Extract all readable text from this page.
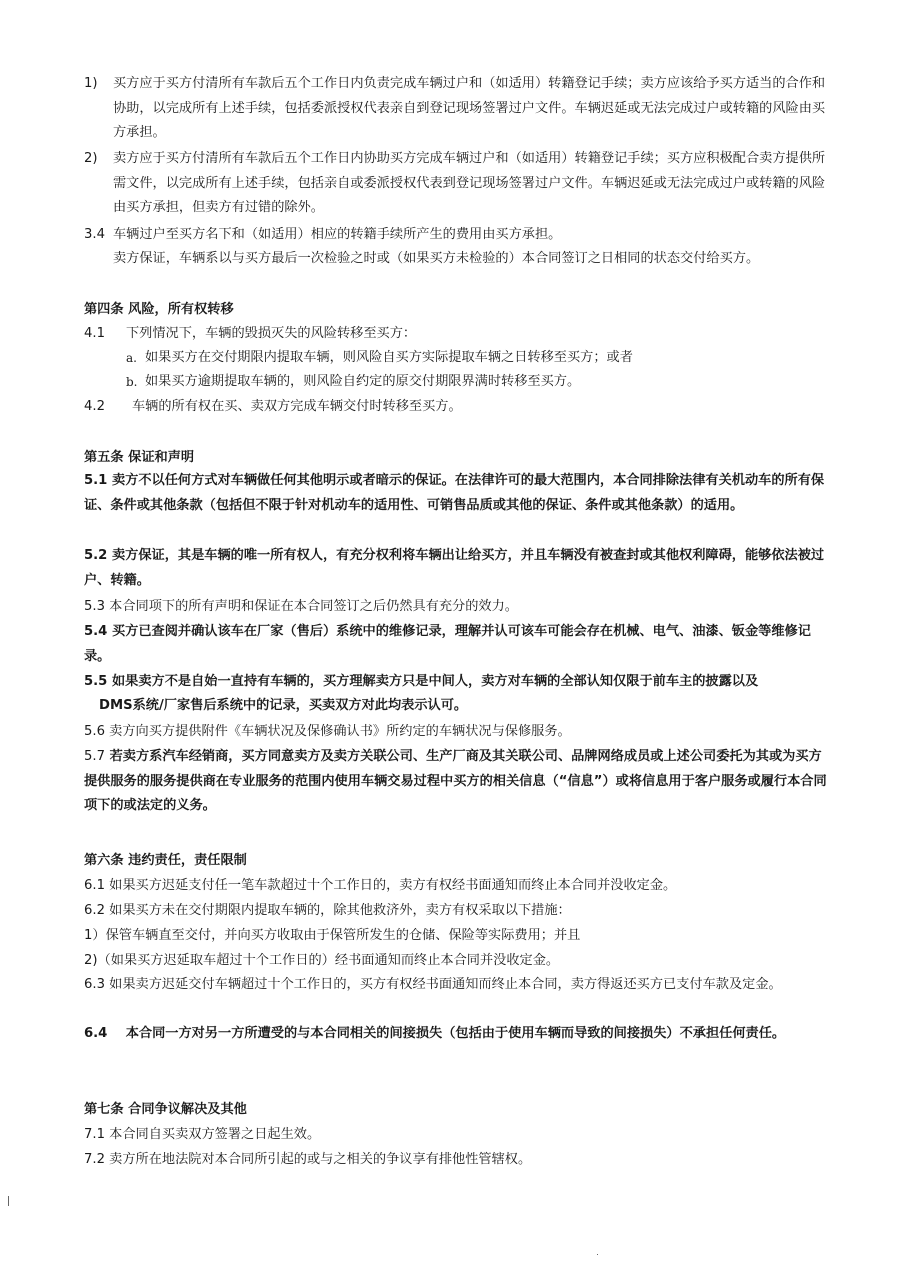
1) 买方应于买方付清所有车款后五个工作日内负责完成车辆过户和（如适用）转籍登记手续；卖方应该给予买方适当的合作和协助，以完成所有上述手续，包括委派授权代表亲自到登记现场签署过户文件。车辆迟延或无法完成过户或转籍的风险由买方承担。

2) 卖方应于买方付清所有车款后五个工作日内协助买方完成车辆过户和（如适用）转籍登记手续；买方应积极配合卖方提供所需文件，以完成所有上述手续，包括亲自或委派授权代表到登记现场签署过户文件。车辆迟延或无法完成过户或转籍的风险由买方承担，但卖方有过错的除外。

3.4 车辆过户至买方名下和（如适用）相应的转籍手续所产生的费用由买方承担。
卖方保证，车辆系以与买方最后一次检验之时或（如果买方未检验的）本合同签订之日相同的状态交付给买方。
第四条 风险，所有权转移
4.1 下列情况下，车辆的毁损灭失的风险转移至买方：
a. 如果买方在交付期限内提取车辆，则风险自买方实际提取车辆之日转移至买方；或者
b. 如果买方逾期提取车辆的，则风险自约定的原交付期限界满时转移至买方。
4.2 车辆的所有权在买、卖双方完成车辆交付时转移至买方。
第五条 保证和声明

5.1 卖方不以任何方式对车辆做任何其他明示或者暗示的保证。在法律许可的最大范围内，本合同排除法律有关机动车的所有保证、条件或其他条款（包括但不限于针对机动车的适用性、可销售品质或其他的保证、条件或其他条款）的适用。

5.2 卖方保证，其是车辆的唯一所有权人，有充分权利将车辆出让给买方，并且车辆没有被查封或其他权利障碍，能够依法被过户、转籍。

5.3 本合同项下的所有声明和保证在本合同签订之后仍然具有充分的效力。

5.4 买方已查阅并确认该车在厂家（售后）系统中的维修记录，理解并认可该车可能会存在机械、电气、油漆、钣金等维修记录。

5.5 如果卖方不是自始一直持有车辆的，买方理解卖方只是中间人，卖方对车辆的全部认知仅限于前车主的披露以及
DMS系统/厂家售后系统中的记录，买卖双方对此均表示认可。
5.6 卖方向买方提供附件《车辆状况及保修确认书》所约定的车辆状况与保修服务。

5.7 若卖方系汽车经销商，买方同意卖方及卖方关联公司、生产厂商及其关联公司、品牌网络成员或上述公司委托为其或为买方提供服务的服务提供商在专业服务的范围内使用车辆交易过程中买方的相关信息（“信息”）或将信息用于客户服务或履行本合同项下的或法定的义务。

第六条 违约责任，责任限制
6.1 如果买方迟延支付任一笔车款超过十个工作日的，卖方有权经书面通知而终止本合同并没收定金。
6.2 如果买方未在交付期限内提取车辆的，除其他救济外，卖方有权采取以下措施：
1）保管车辆直至交付，并向买方收取由于保管所发生的仓储、保险等实际费用；并且
2)（如果买方迟延取车超过十个工作日的）经书面通知而终止本合同并没收定金。

6.3 如果卖方迟延交付车辆超过十个工作日的，买方有权经书面通知而终止本合同，卖方得返还买方已支付车款及定金。

6.4 本合同一方对另一方所遭受的与本合同相关的间接损失（包括由于使用车辆而导致的间接损失）不承担任何责任。

第七条 合同争议解决及其他
7.1 本合同自买卖双方签署之日起生效。
7.2 卖方所在地法院对本合同所引起的或与之相关的争议享有排他性管辖权。
